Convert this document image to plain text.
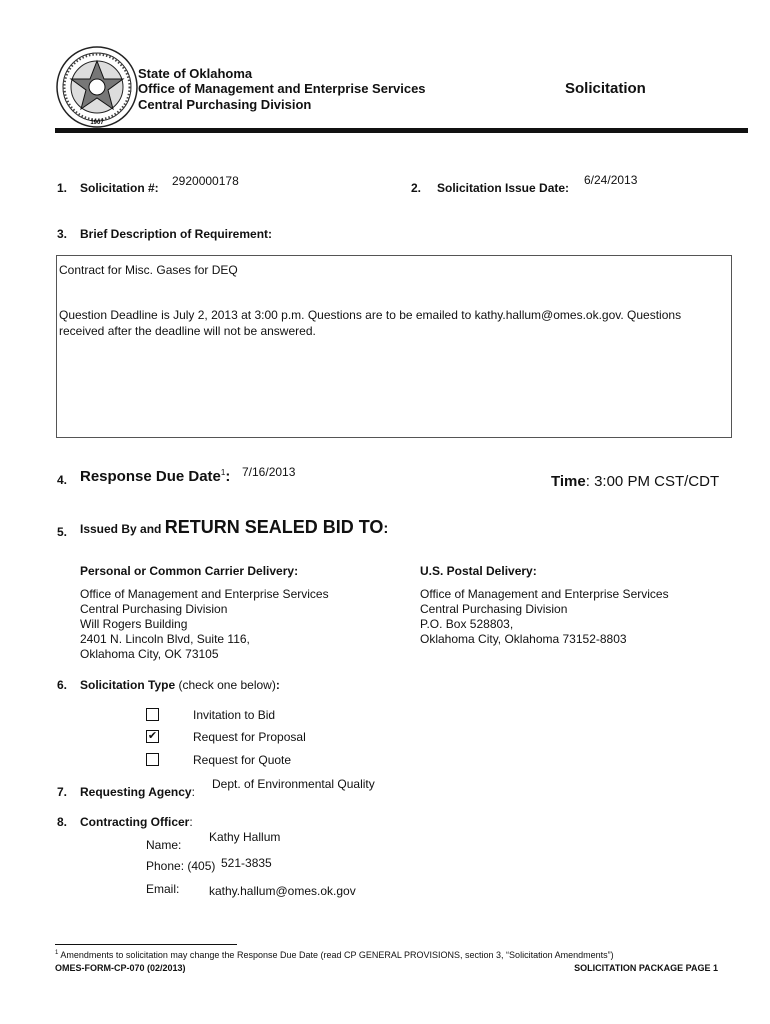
1907
State of Oklahoma
Office of Management and Enterprise Services
Central Purchasing Division
Solicitation
1. Solicitation #: 2920000178	2. Solicitation Issue Date:
6/24/2013
3. Brief Description of Requirement:

Contract for Misc. Gases for DEQ

Question Deadline is July 2, 2013 at 3:00 p.m. Questions are to be emailed to kathy.hallum@omes.ok.gov. Questions

received after the deadline will not be answered.

4. Response Due Date$^1$: 7/16/2013
Time: 3:00 PM CST/CDT
5. Issued By and RETURN SEALED BID TO:
Personal or Common Carrier Delivery:
Office of Management and Enterprise Services
Central Purchasing Division
Will Rogers Building
2401 N. Lincoln Blvd, Suite 116,
Oklahoma City, OK 73105
U.S. Postal Delivery:
Office of Management and Enterprise Services
Central Purchasing Division
P.O. Box 528803,
Oklahoma City, Oklahoma 73152-8803
6. Solicitation Type (check one below):
Invitation to Bid
✔	Request for Proposal
Request for Quote
7. Requesting Agency:
Dept. of Environmental Quality
8. Contracting Officer:
Name:
Kathy Hallum
Phone: (405) 521-3835
Email: kathy.hallum@omes.ok.gov
$^1$ Amendments to solicitation may change the Response Due Date (read CP GENERAL PROVISIONS, section 3, “Solicitation Amendments”)
OMES-FORM-CP-070 (02/2013)	SOLICITATION PACKAGE PAGE 1
